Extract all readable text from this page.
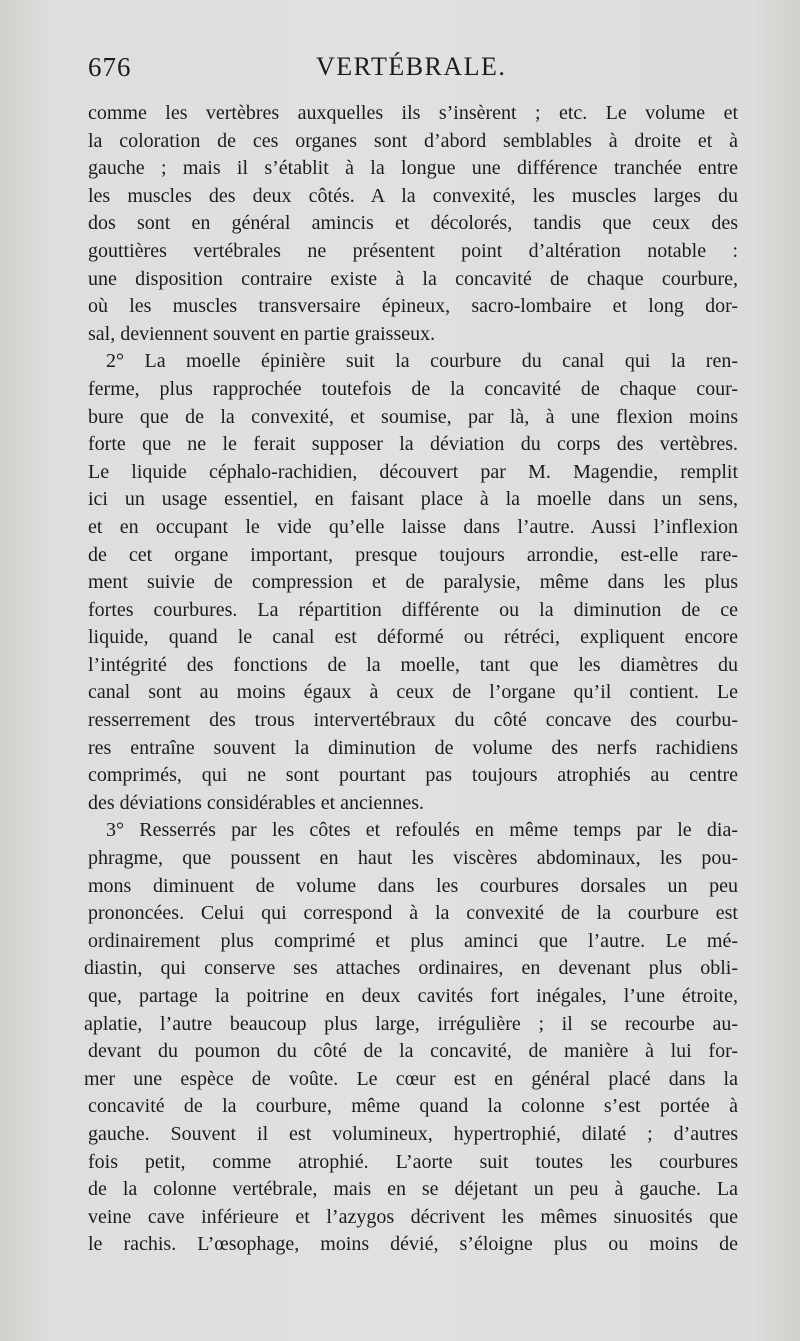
676	VERTÉBRALE.
comme les vertèbres auxquelles ils s’insèrent ; etc. Le volume et
la coloration de ces organes sont d’abord semblables à droite et à
gauche ; mais il s’établit à la longue une différence tranchée entre
les muscles des deux côtés. A la convexité, les muscles larges du
dos sont en général amincis et décolorés, tandis que ceux des
gouttières vertébrales ne présentent point d’altération notable :
une disposition contraire existe à la concavité de chaque courbure,
où les muscles transversaire épineux, sacro-lombaire et long dor-
sal, deviennent souvent en partie graisseux.
2° La moelle épinière suit la courbure du canal qui la ren-
ferme, plus rapprochée toutefois de la concavité de chaque cour-
bure que de la convexité, et soumise, par là, à une flexion moins
forte que ne le ferait supposer la déviation du corps des vertèbres.
Le liquide céphalo-rachidien, découvert par M. Magendie, remplit
ici un usage essentiel, en faisant place à la moelle dans un sens,
et en occupant le vide qu’elle laisse dans l’autre. Aussi l’inflexion
de cet organe important, presque toujours arrondie, est-elle rare-
ment suivie de compression et de paralysie, même dans les plus
fortes courbures. La répartition différente ou la diminution de ce
liquide, quand le canal est déformé ou rétréci, expliquent encore
l’intégrité des fonctions de la moelle, tant que les diamètres du
canal sont au moins égaux à ceux de l’organe qu’il contient. Le
resserrement des trous intervertébraux du côté concave des courbu-
res entraîne souvent la diminution de volume des nerfs rachidiens
comprimés, qui ne sont pourtant pas toujours atrophiés au centre
des déviations considérables et anciennes.
3° Resserrés par les côtes et refoulés en même temps par le dia-
phragme, que poussent en haut les viscères abdominaux, les pou-
mons diminuent de volume dans les courbures dorsales un peu
prononcées. Celui qui correspond à la convexité de la courbure est
ordinairement plus comprimé et plus aminci que l’autre. Le mé-
diastin, qui conserve ses attaches ordinaires, en devenant plus obli-
que, partage la poitrine en deux cavités fort inégales, l’une étroite,
aplatie, l’autre beaucoup plus large, irrégulière ; il se recourbe au-
devant du poumon du côté de la concavité, de manière à lui for-
mer une espèce de voûte. Le cœur est en général placé dans la
concavité de la courbure, même quand la colonne s’est portée à
gauche. Souvent il est volumineux, hypertrophié, dilaté ; d’autres
fois petit, comme atrophié. L’aorte suit toutes les courbures
de la colonne vertébrale, mais en se déjetant un peu à gauche. La
veine cave inférieure et l’azygos décrivent les mêmes sinuosités que
le rachis. L’œsophage, moins dévié, s’éloigne plus ou moins de
